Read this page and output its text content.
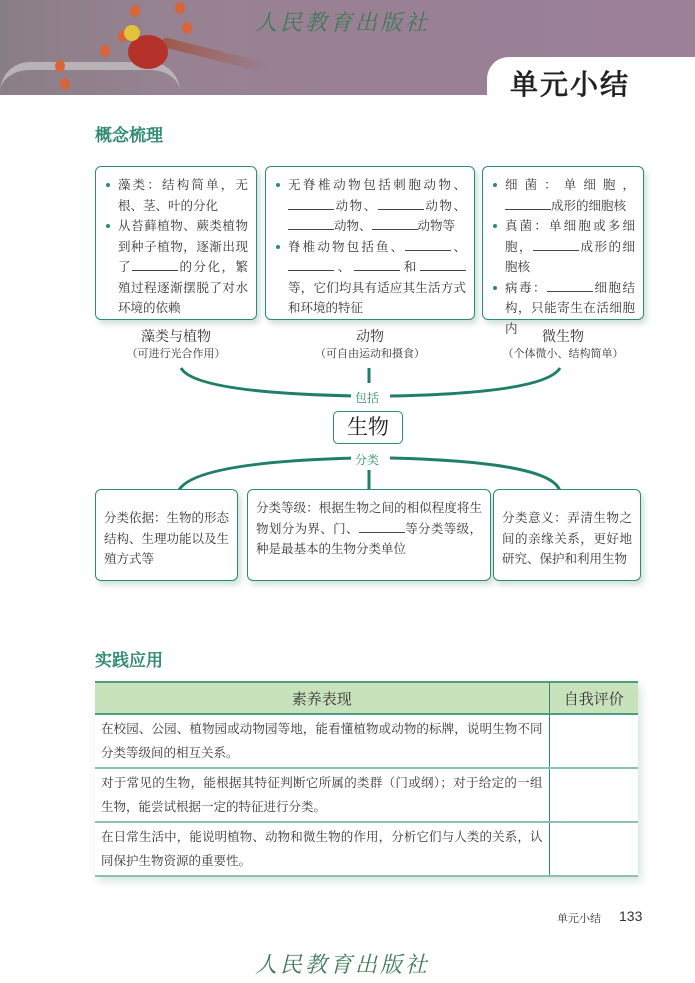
人民教育出版社
单元小结
概念梳理
藻类：结构简单，无根、茎、叶的分化
从苔藓植物、蕨类植物到种子植物，逐渐出现了	的分化，繁殖过程逐渐摆脱了对水环境的依赖
无脊椎动物包括刺胞动物、动物、	动物、动物、	动物等
脊椎动物包括鱼、	、、	和等，它们均具有适应其生活方式和环境的特征
细菌：单细胞，成形的细胞核
真菌：单细胞或多细胞，	成形的细胞核
病毒：	细胞结构，只能寄生在活细胞内
藻类与植物
（可进行光合作用）
动物
（可自由运动和摄食）
微生物
（个体微小、结构简单）
包括
生物
分类
分类依据：生物的形态结构、生理功能以及生殖方式等
分类等级：根据生物之间的相似程度将生物划分为界、门、	等分类等级，种是最基本的生物分类单位
分类意义：弄清生物之间的亲缘关系，更好地研究、保护和利用生物
实践应用
素养表现	自我评价
在校园、公园、植物园或动物园等地，能看懂植物或动物的标牌，说明生物不同分类等级间的相互关系。	
对于常见的生物，能根据其特征判断它所属的类群（门或纲）；对于给定的一组生物，能尝试根据一定的特征进行分类。	
在日常生活中，能说明植物、动物和微生物的作用，分析它们与人类的关系，认同保护生物资源的重要性。	
单元小结 133
人民教育出版社
